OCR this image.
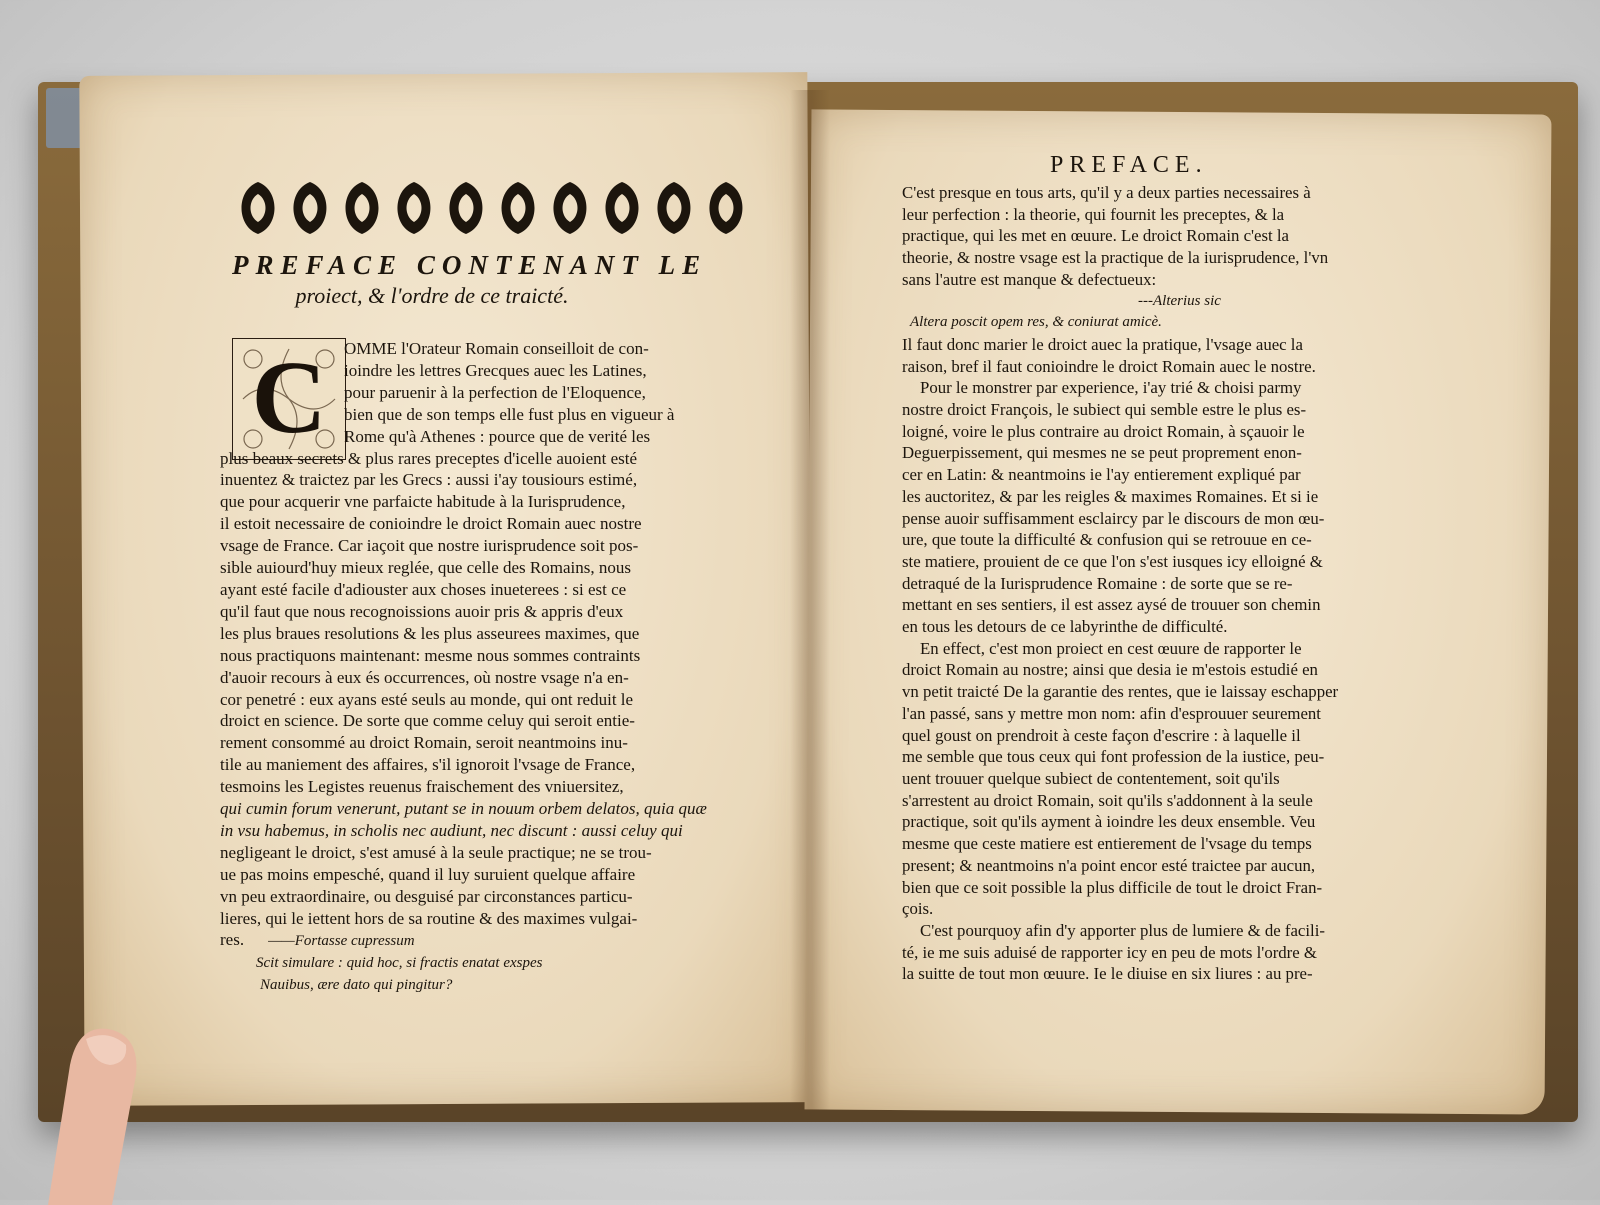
PREFACE CONTENANT LE
proiect, & l'ordre de ce traicté.
C	OMME l'Orateur Romain conseilloit de con-
ioindre les lettres Grecques auec les Latines,
pour paruenir à la perfection de l'Eloquence,
bien que de son temps elle fust plus en vigueur à
Rome qu'à Athenes : pource que de verité les
plus beaux secrets & plus rares preceptes d'icelle auoient esté
inuentez & traictez par les Grecs : aussi i'ay tousiours estimé,
que pour acquerir vne parfaicte habitude à la Iurisprudence,
il estoit necessaire de conioindre le droict Romain auec nostre
vsage de France. Car iaçoit que nostre iurisprudence soit pos-
sible auiourd'huy mieux reglée, que celle des Romains, nous
ayant esté facile d'adiouster aux choses inueterees : si est ce
qu'il faut que nous recognoissions auoir pris & appris d'eux
les plus braues resolutions & les plus asseurees maximes, que
nous practiquons maintenant: mesme nous sommes contraints
d'auoir recours à eux és occurrences, où nostre vsage n'a en-
cor penetré : eux ayans esté seuls au monde, qui ont reduit le
droict en science. De sorte que comme celuy qui seroit entie-
rement consommé au droict Romain, seroit neantmoins inu-
tile au maniement des affaires, s'il ignoroit l'vsage de France,
tesmoins les Legistes reuenus fraischement des vniuersitez,
qui cumin forum venerunt, putant se in nouum orbem delatos, quia quæ
in vsu habemus, in scholis nec audiunt, nec discunt : aussi celuy qui
negligeant le droict, s'est amusé à la seule practique; ne se trou-
ue pas moins empesché, quand il luy suruient quelque affaire
vn peu extraordinaire, ou desguisé par circonstances particu-
lieres, qui le iettent hors de sa routine & des maximes vulgai-
res. ——Fortasse cupressum
Scit simulare : quid hoc, si fractis enatat exspes
Nauibus, ære dato qui pingitur?
PREFACE.
C'est presque en tous arts, qu'il y a deux parties necessaires à
leur perfection : la theorie, qui fournit les preceptes, & la
practique, qui les met en œuure. Le droict Romain c'est la
theorie, & nostre vsage est la practique de la iurisprudence, l'vn
sans l'autre est manque & defectueux:
---Alterius sic
Altera poscit opem res, & coniurat amicè.
Il faut donc marier le droict auec la pratique, l'vsage auec la
raison, bref il faut conioindre le droict Romain auec le nostre.
Pour le monstrer par experience, i'ay trié & choisi parmy
nostre droict François, le subiect qui semble estre le plus es-
loigné, voire le plus contraire au droict Romain, à sçauoir le
Deguerpissement, qui mesmes ne se peut proprement enon-
cer en Latin: & neantmoins ie l'ay entierement expliqué par
les auctoritez, & par les reigles & maximes Romaines. Et si ie
pense auoir suffisamment esclaircy par le discours de mon œu-
ure, que toute la difficulté & confusion qui se retrouue en ce-
ste matiere, prouient de ce que l'on s'est iusques icy elloigné &
detraqué de la Iurisprudence Romaine : de sorte que se re-
mettant en ses sentiers, il est assez aysé de trouuer son chemin
en tous les detours de ce labyrinthe de difficulté.
En effect, c'est mon proiect en cest œuure de rapporter le
droict Romain au nostre; ainsi que desia ie m'estois estudié en
vn petit traicté De la garantie des rentes, que ie laissay eschapper
l'an passé, sans y mettre mon nom: afin d'esprouuer seurement
quel goust on prendroit à ceste façon d'escrire : à laquelle il
me semble que tous ceux qui font profession de la iustice, peu-
uent trouuer quelque subiect de contentement, soit qu'ils
s'arrestent au droict Romain, soit qu'ils s'addonnent à la seule
practique, soit qu'ils ayment à ioindre les deux ensemble. Veu
mesme que ceste matiere est entierement de l'vsage du temps
present; & neantmoins n'a point encor esté traictee par aucun,
bien que ce soit possible la plus difficile de tout le droict Fran-
çois.
C'est pourquoy afin d'y apporter plus de lumiere & de facili-
té, ie me suis aduisé de rapporter icy en peu de mots l'ordre &
la suitte de tout mon œuure. Ie le diuise en six liures : au pre-
